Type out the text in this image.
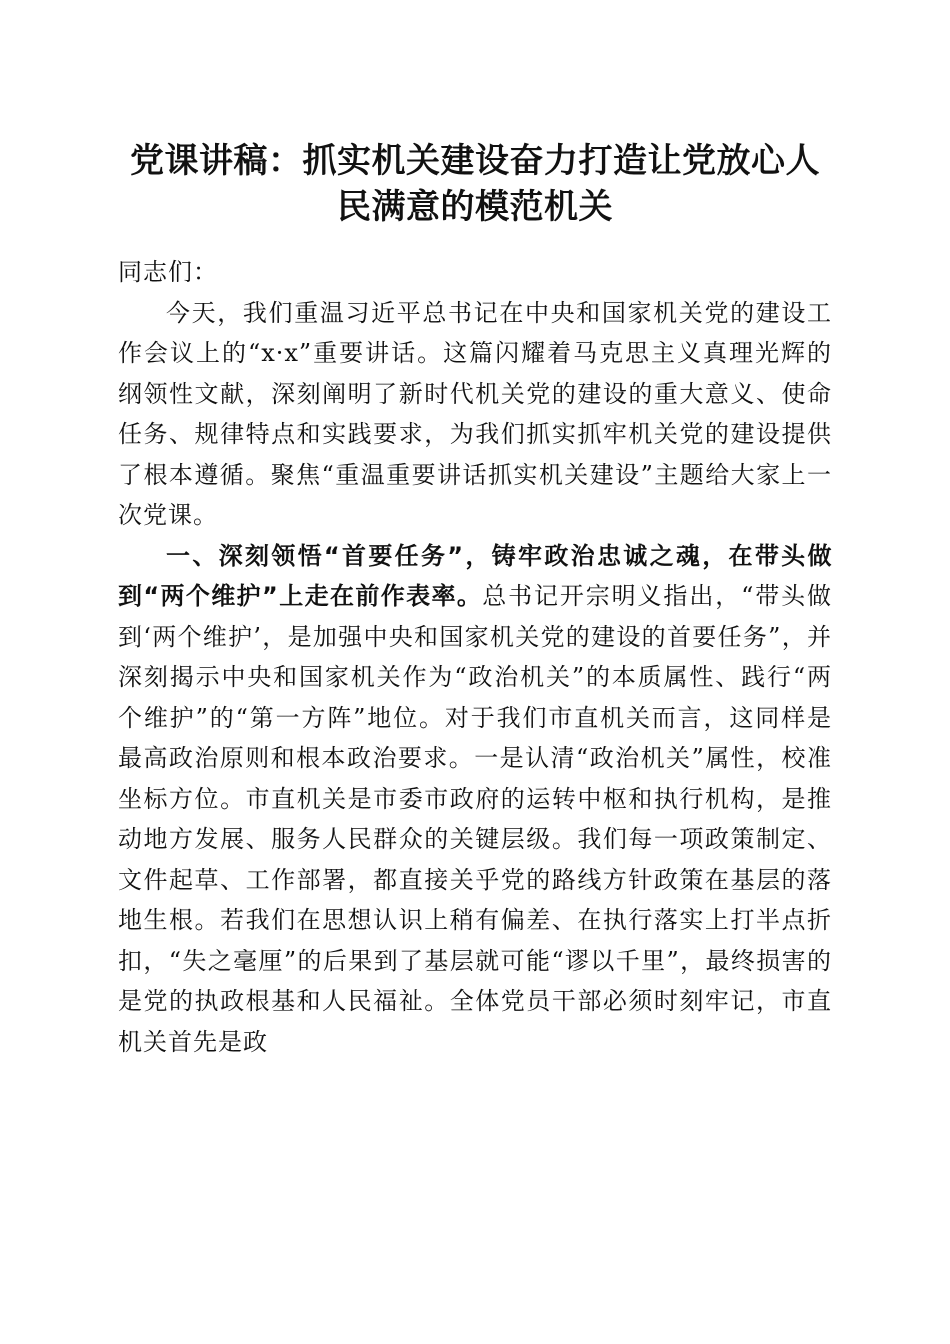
党课讲稿：抓实机关建设奋力打造让党放心人
民满意的模范机关

同志们：

今天，我们重温习近平总书记在中央和国家机关党的建设工作会议上的“x·x”重要讲话。这篇闪耀着马克思主义真理光辉的纲领性文献，深刻阐明了新时代机关党的建设的重大意义、使命任务、规律特点和实践要求，为我们抓实抓牢机关党的建设提供了根本遵循。聚焦“重温重要讲话抓实机关建设”主题给大家上一次党课。

一、深刻领悟“首要任务”，铸牢政治忠诚之魂，在带头做到“两个维护”上走在前作表率。总书记开宗明义指出，“带头做到‘两个维护’，是加强中央和国家机关党的建设的首要任务”，并深刻揭示中央和国家机关作为“政治机关”的本质属性、践行“两个维护”的“第一方阵”地位。对于我们市直机关而言，这同样是最高政治原则和根本政治要求。一是认清“政治机关”属性，校准坐标方位。市直机关是市委市政府的运转中枢和执行机构，是推动地方发展、服务人民群众的关键层级。我们每一项政策制定、文件起草、工作部署，都直接关乎党的路线方针政策在基层的落地生根。若我们在思想认识上稍有偏差、在执行落实上打半点折扣，“失之毫厘”的后果到了基层就可能“谬以千里”，最终损害的是党的执政根基和人民福祉。全体党员干部必须时刻牢记，市直机关首先是政
